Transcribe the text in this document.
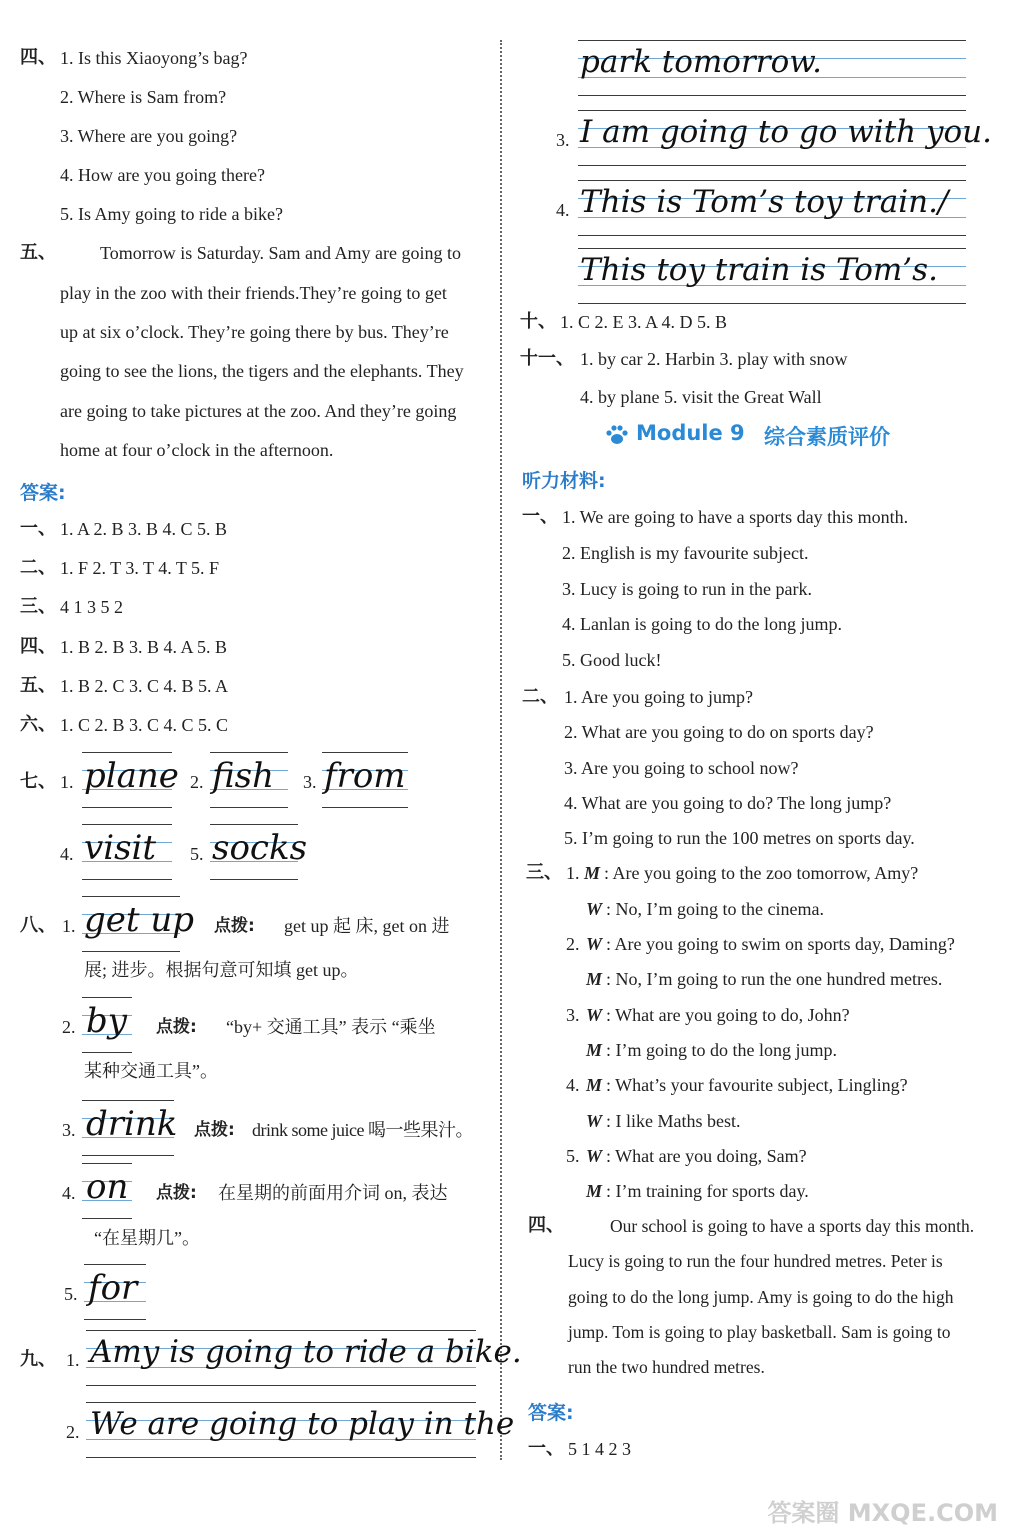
四、 1. Is this Xiaoyong’s bag?
2. Where is Sam from?
3. Where are you going?
4. How are you going there?
5. Is Amy going to ride a bike?
五、 Tomorrow is Saturday. Sam and Amy are going to
play in the zoo with their friends.They’re going to get
up at six o’clock. They’re going there by bus. They’re
going to see the lions, the tigers and the elephants. They
are going to take pictures at the zoo. And they’re going
home at four o’clock in the afternoon.
答案:
一、 1. A 2. B 3. B 4. C 5. B
二、 1. F 2. T 3. T 4. T 5. F
三、 4 1 3 5 2
四、 1. B 2. B 3. B 4. A 5. B
五、 1. B 2. C 3. C 4. B 5. A
六、 1. C 2. B 3. C 4. C 5. C
七、 1. plane 2. fish 3. from
4. visit 5. socks
八、 1. get up 点拨: get up 起 床, get on 进
展; 进步。根据句意可知填 get up。
2. by 点拨: “by+ 交通工具” 表示 “乘坐
某种交通工具”。
3. drink 点拨: drink some juice 喝一些果汁。
4. on 点拨: 在星期的前面用介词 on, 表达
“在星期几”。
5. for
九、 1. Amy is going to ride a bike.
2. We are going to play in the
park tomorrow.
3. I am going to go with you.
4. This is Tom’s toy train./
This toy train is Tom’s.
十、 1. C 2. E 3. A 4. D 5. B
十一、 1. by car 2. Harbin 3. play with snow
4. by plane 5. visit the Great Wall
Module 9 综合素质评价
听力材料:
一、 1. We are going to have a sports day this month.
2. English is my favourite subject.
3. Lucy is going to run in the park.
4. Lanlan is going to do the long jump.
5. Good luck!
二、 1. Are you going to jump?
2. What are you going to do on sports day?
3. Are you going to school now?
4. What are you going to do? The long jump?
5. I’m going to run the 100 metres on sports day.
三、 1. M : Are you going to the zoo tomorrow, Amy?
W : No, I’m going to the cinema.
2. W : Are you going to swim on sports day, Daming?
M : No, I’m going to run the one hundred metres.
3. W : What are you going to do, John?
M : I’m going to do the long jump.
4. M : What’s your favourite subject, Lingling?
W : I like Maths best.
5. W : What are you doing, Sam?
M : I’m training for sports day.
四、	Our school is going to have a sports day this month.
Lucy is going to run the four hundred metres. Peter is
going to do the long jump. Amy is going to do the high
jump. Tom is going to play basketball. Sam is going to
run the two hundred metres.
答案:
一、 5 1 4 2 3
答案圈 MXQE.COM
